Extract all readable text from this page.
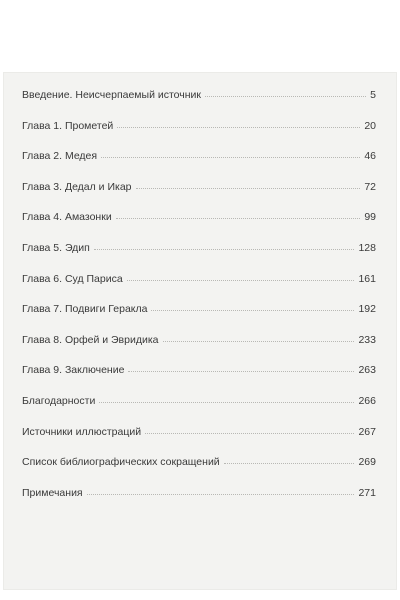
Введение. Неисчерпаемый источник	5
Глава 1. Прометей	20
Глава 2. Медея	46
Глава 3. Дедал и Икар	72
Глава 4. Амазонки	99
Глава 5. Эдип	128
Глава 6. Суд Париса	161
Глава 7. Подвиги Геракла	192
Глава 8. Орфей и Эвридика	233
Глава 9. Заключение	263
Благодарности	266
Источники иллюстраций	267
Список библиографических сокращений	269
Примечания	271
